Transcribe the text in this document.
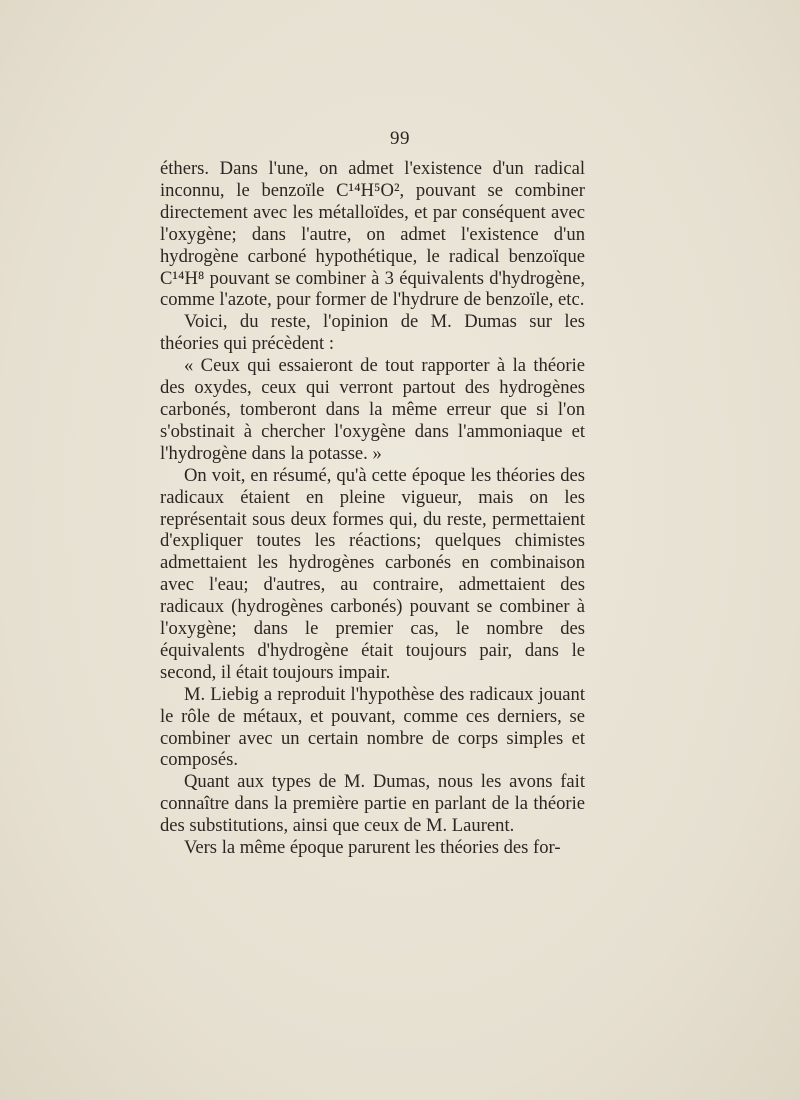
99

éthers. Dans l'une, on admet l'existence d'un radical inconnu, le benzoïle C¹⁴H⁵O², pouvant se combiner directement avec les métalloïdes, et par conséquent avec l'oxygène; dans l'autre, on admet l'existence d'un hydrogène carboné hypothétique, le radical benzoïque C¹⁴H⁸ pouvant se combiner à 3 équivalents d'hydrogène, comme l'azote, pour former de l'hydrure de benzoïle, etc.

Voici, du reste, l'opinion de M. Dumas sur les théories qui précèdent :

« Ceux qui essaieront de tout rapporter à la théorie des oxydes, ceux qui verront partout des hydrogènes carbonés, tomberont dans la même erreur que si l'on s'obstinait à chercher l'oxygène dans l'ammoniaque et l'hydrogène dans la potasse. »

On voit, en résumé, qu'à cette époque les théories des radicaux étaient en pleine vigueur, mais on les représentait sous deux formes qui, du reste, permettaient d'expliquer toutes les réactions; quelques chimistes admettaient les hydrogènes carbonés en combinaison avec l'eau; d'autres, au contraire, admettaient des radicaux (hydrogènes carbonés) pouvant se combiner à l'oxygène; dans le premier cas, le nombre des équivalents d'hydrogène était toujours pair, dans le second, il était toujours impair.

M. Liebig a reproduit l'hypothèse des radicaux jouant le rôle de métaux, et pouvant, comme ces derniers, se combiner avec un certain nombre de corps simples et composés.

Quant aux types de M. Dumas, nous les avons fait connaître dans la première partie en parlant de la théorie des substitutions, ainsi que ceux de M. Laurent.

Vers la même époque parurent les théories des for-
